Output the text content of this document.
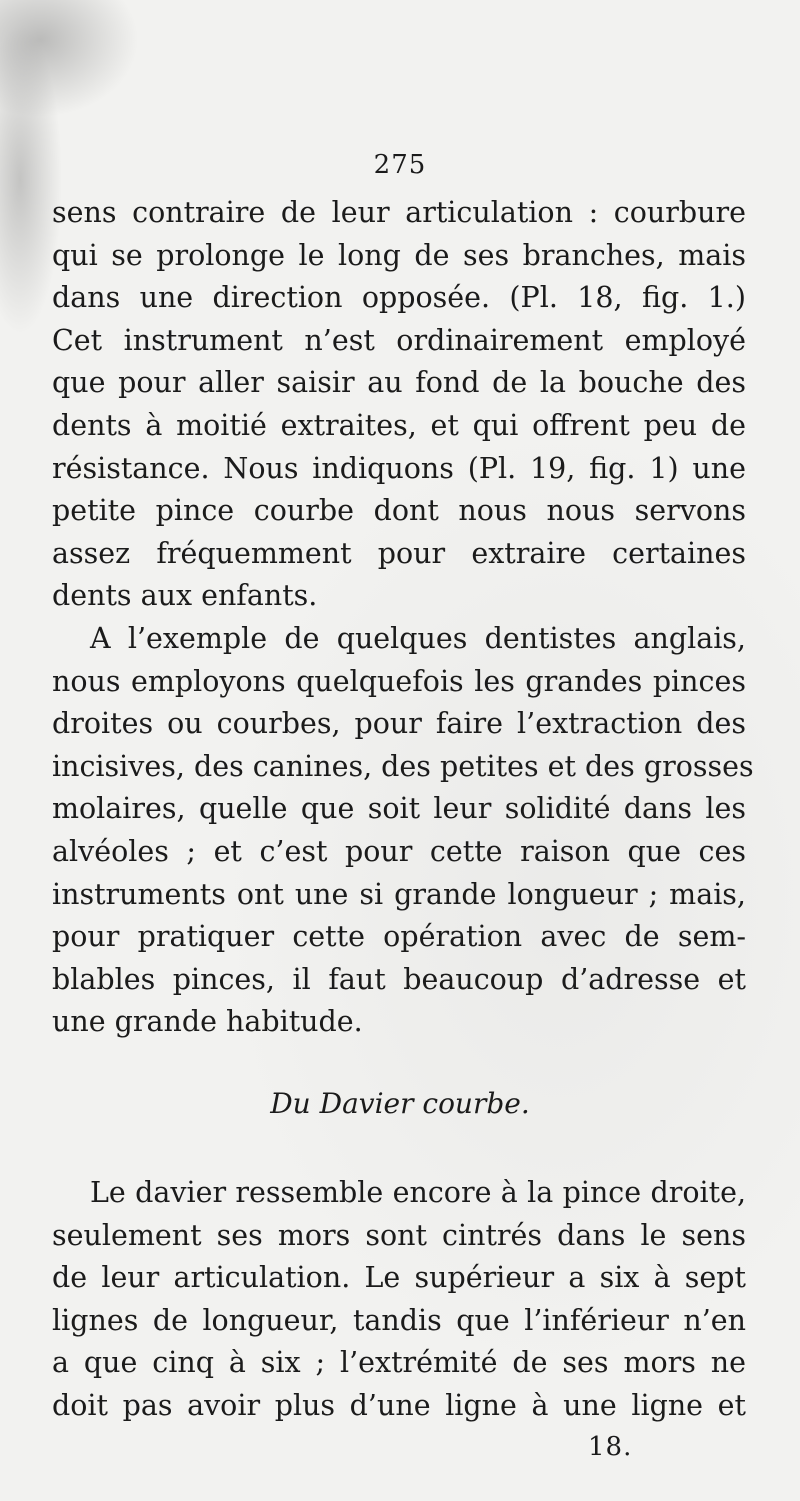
275
sens contraire de leur articulation : courbure
qui se prolonge le long de ses branches, mais
dans une direction opposée. (Pl. 18, fig. 1.)
Cet instrument n’est ordinairement employé
que pour aller saisir au fond de la bouche des
dents à moitié extraites, et qui offrent peu de
résistance. Nous indiquons (Pl. 19, fig. 1) une
petite pince courbe dont nous nous servons
assez fréquemment pour extraire certaines
dents aux enfants.
A l’exemple de quelques dentistes anglais,
nous employons quelquefois les grandes pinces
droites ou courbes, pour faire l’extraction des
incisives, des canines, des petites et des grosses
molaires, quelle que soit leur solidité dans les
alvéoles ; et c’est pour cette raison que ces
instruments ont une si grande longueur ; mais,
pour pratiquer cette opération avec de sem-
blables pinces, il faut beaucoup d’adresse et
une grande habitude.
Du Davier courbe.
Le davier ressemble encore à la pince droite,
seulement ses mors sont cintrés dans le sens
de leur articulation. Le supérieur a six à sept
lignes de longueur, tandis que l’inférieur n’en
a que cinq à six ; l’extrémité de ses mors ne
doit pas avoir plus d’une ligne à une ligne et
18.
